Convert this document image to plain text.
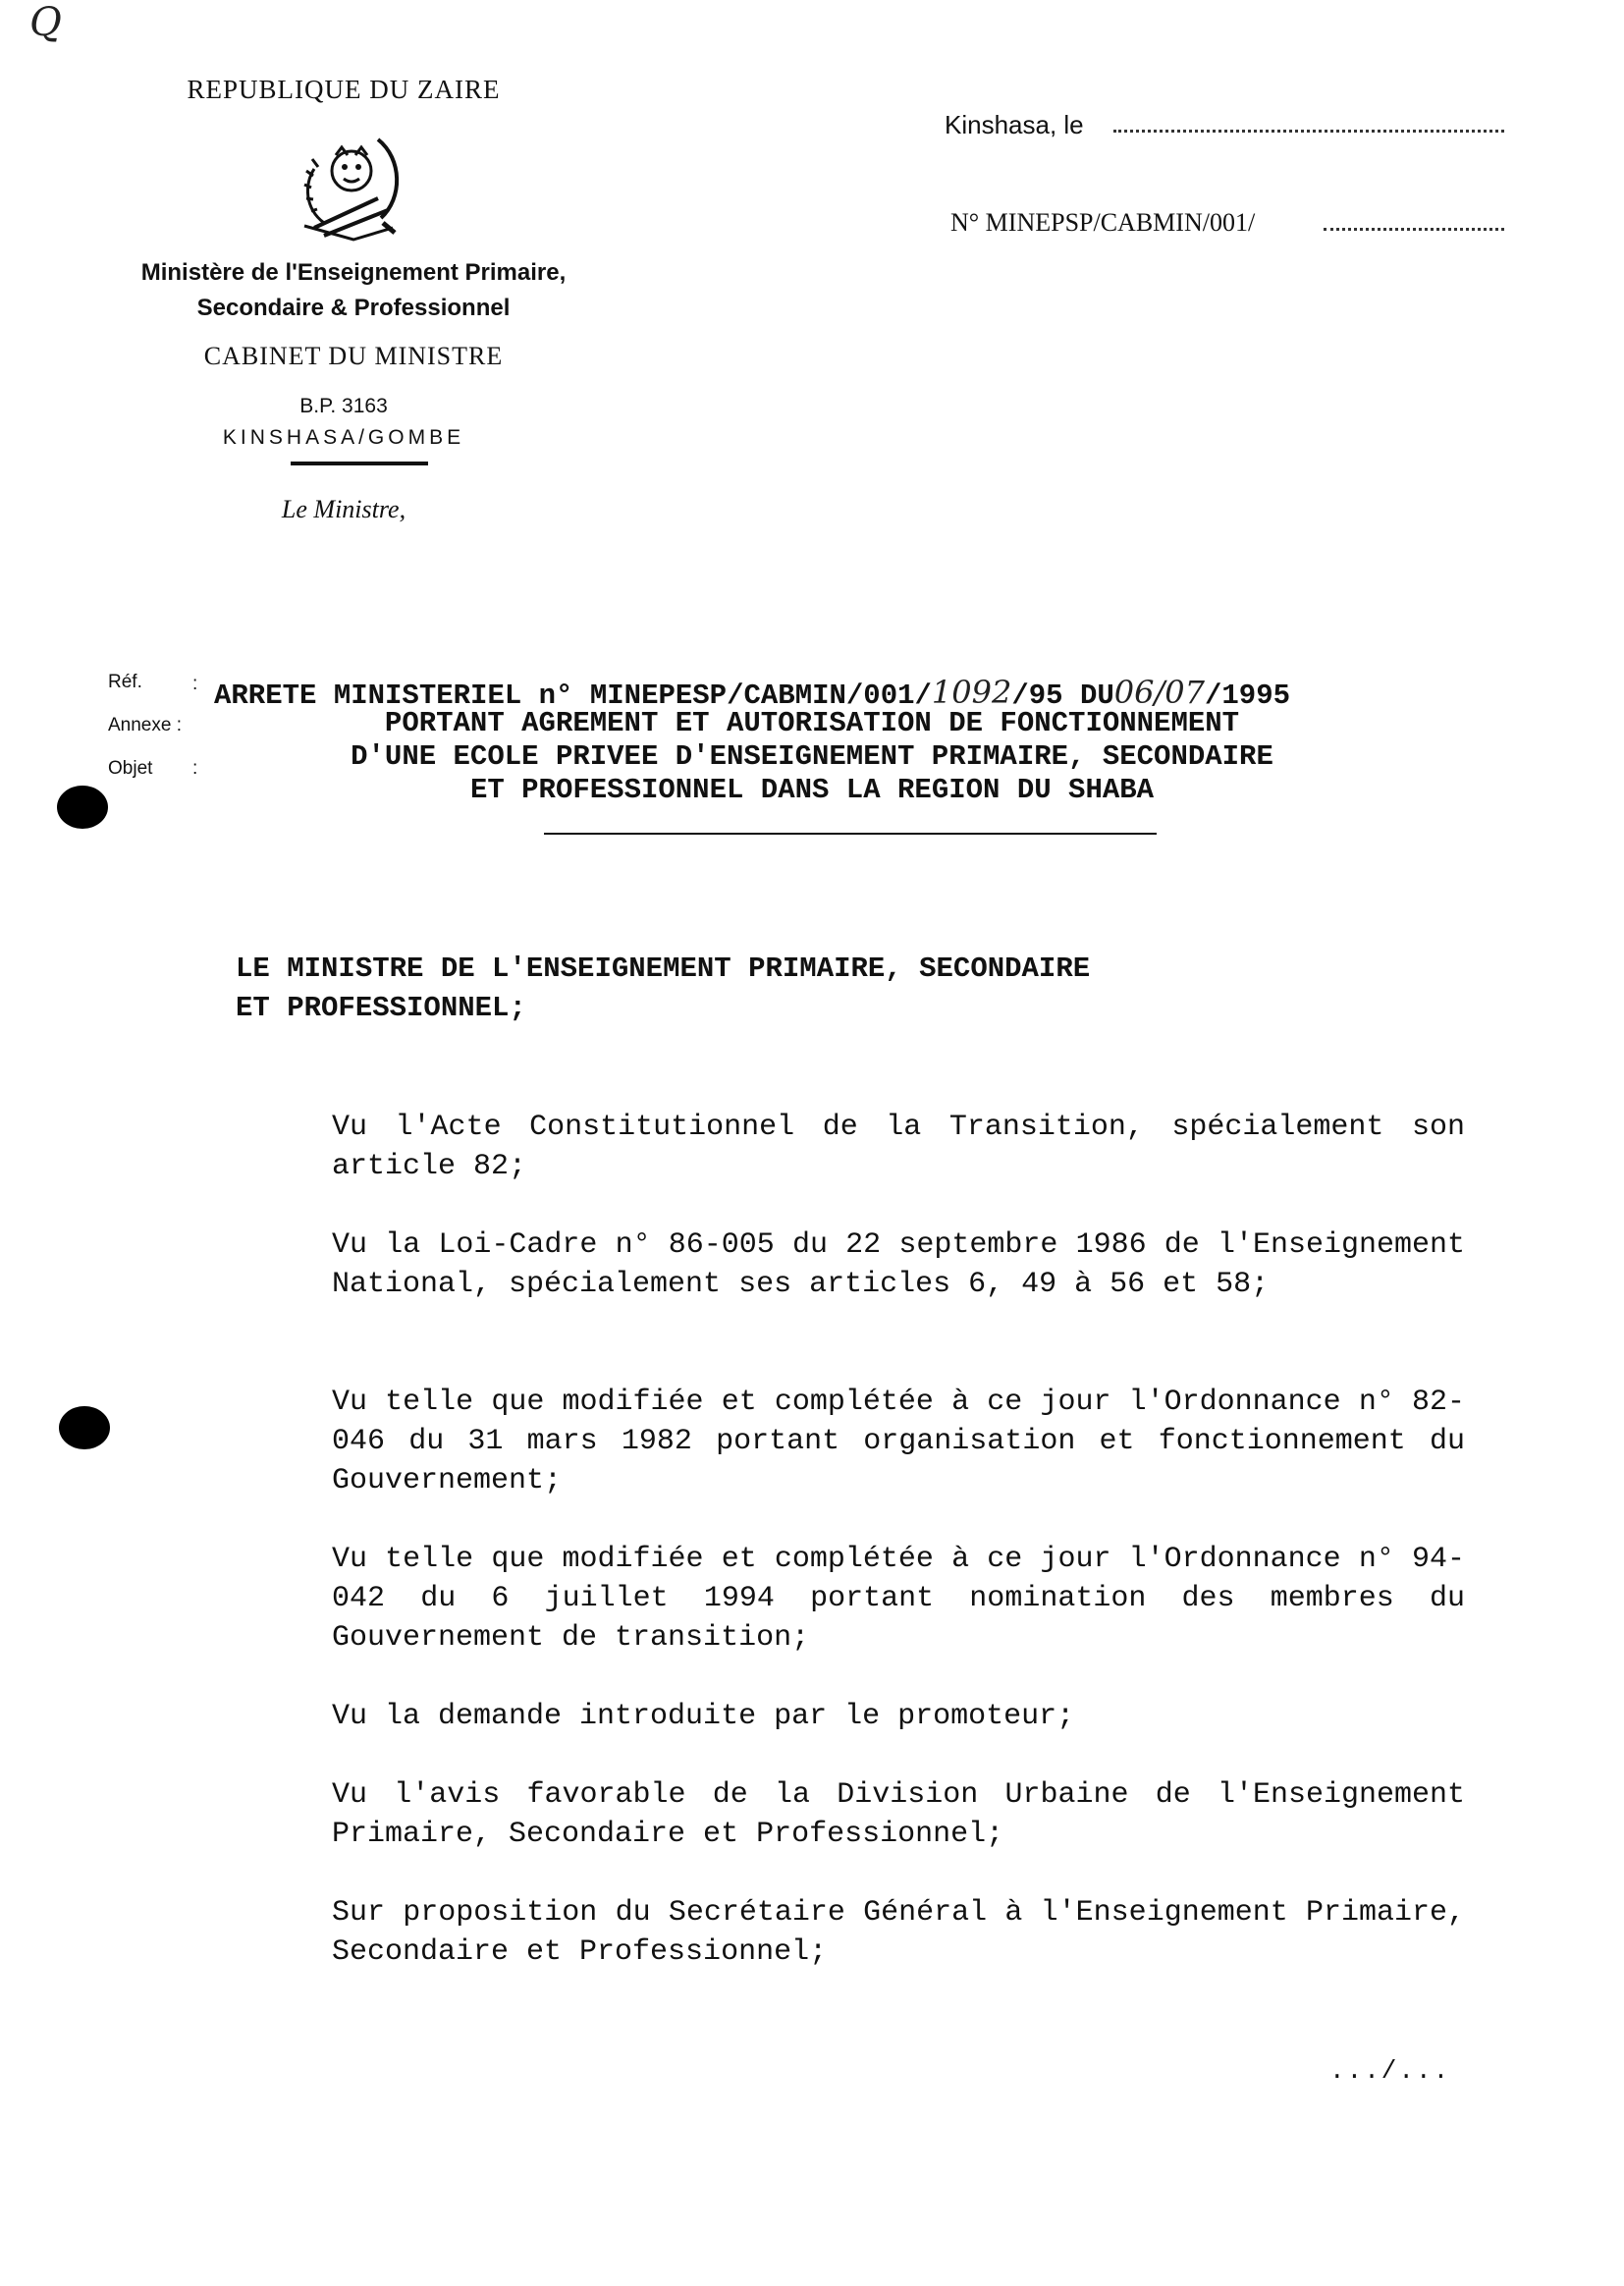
Q
REPUBLIQUE DU ZAIRE
Ministère de l'Enseignement Primaire,
Secondaire & Professionnel
CABINET DU MINISTRE
B.P. 3163
KINSHASA/GOMBE
Le Ministre,
Kinshasa, le
N° MINEPSP/CABMIN/001/
Réf.	:
Annexe :
Objet :
ARRETE MINISTERIEL n° MINEPESP/CABMIN/001/1092/95 DU06/07/1995
PORTANT AGREMENT ET AUTORISATION DE FONCTIONNEMENT
D'UNE ECOLE PRIVEE D'ENSEIGNEMENT PRIMAIRE, SECONDAIRE
ET PROFESSIONNEL DANS LA REGION DU SHABA
LE MINISTRE DE L'ENSEIGNEMENT PRIMAIRE, SECONDAIRE
ET PROFESSIONNEL;
Vu l'Acte Constitutionnel de la Transition, spécialement son article 82;
Vu la Loi-Cadre n° 86-005 du 22 septembre 1986 de l'Enseignement National, spécialement ses articles 6, 49 à 56 et 58;
Vu telle que modifiée et complétée à ce jour l'Ordonnance n° 82-046 du 31 mars 1982 portant organisation et fonctionnement du Gouvernement;
Vu telle que modifiée et complétée à ce jour l'Ordonnance n° 94-042 du 6 juillet 1994 portant nomination des membres du Gouvernement de transition;
Vu la demande introduite par le promoteur;
Vu l'avis favorable de la Division Urbaine de l'Enseignement Primaire, Secondaire et Professionnel;
Sur proposition du Secrétaire Général à l'Enseignement Primaire, Secondaire et Professionnel;
.../...
